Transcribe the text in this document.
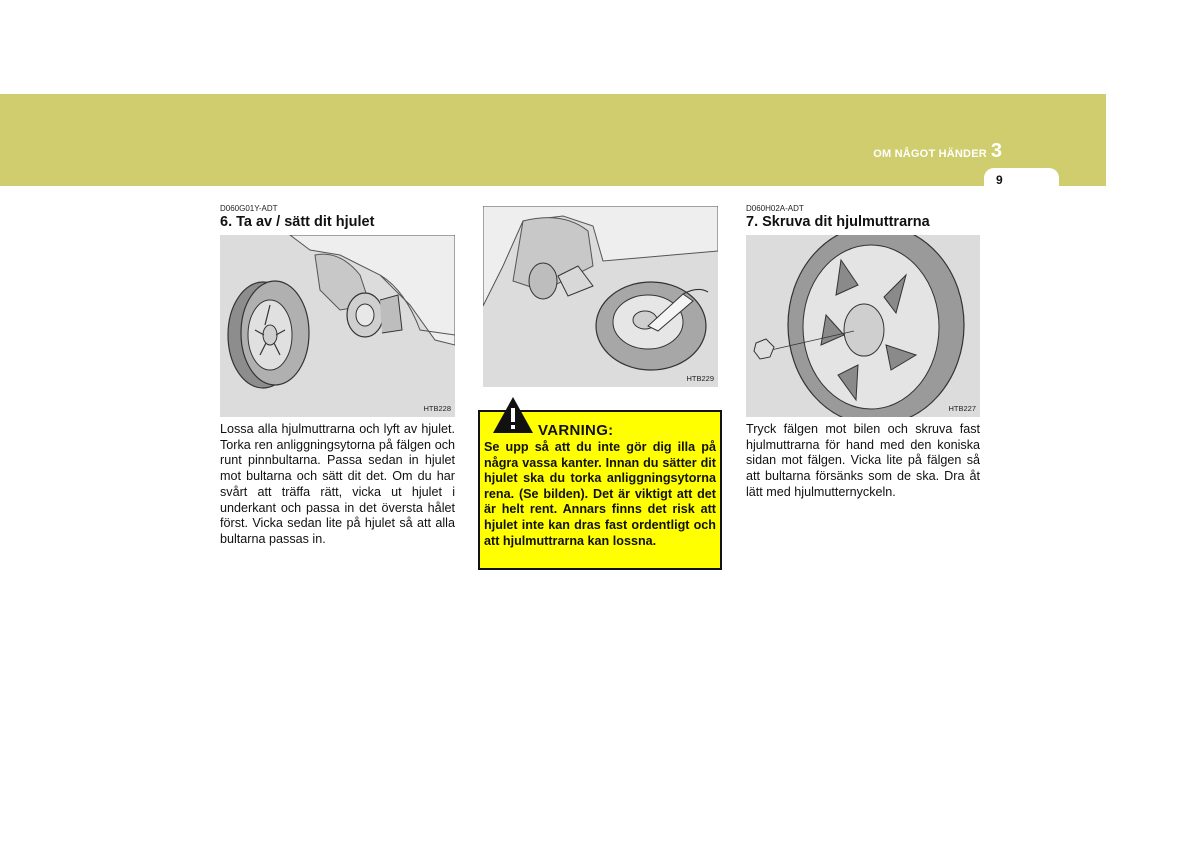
OM NÅGOT HÄNDER 3
9
D060G01Y-ADT
6. Ta av / sätt dit hjulet
HTB228
Lossa alla hjulmuttrarna och lyft av hjulet. Torka ren anliggningsytorna på fälgen och runt pinnbultarna. Passa sedan in hjulet mot bultarna och sätt dit det. Om du har svårt att träffa rätt, vicka ut hjulet i underkant och passa in det översta hålet först. Vicka sedan lite på hjulet så att alla bultarna passas in.
HTB229
VARNING:
Se upp så att du inte gör dig illa på några vassa kanter. Innan du sätter dit hjulet ska du torka anliggningsytorna rena. (Se bilden). Det är viktigt att det är helt rent. Annars finns det risk att hjulet inte kan dras fast ordentligt och att hjulmuttrarna kan lossna.
D060H02A-ADT
7. Skruva dit hjulmuttrarna
HTB227
Tryck fälgen mot bilen och skruva fast hjulmuttrarna för hand med den koniska sidan mot fälgen. Vicka lite på fälgen så att bultarna försänks som de ska. Dra åt lätt med hjulmutternyckeln.
